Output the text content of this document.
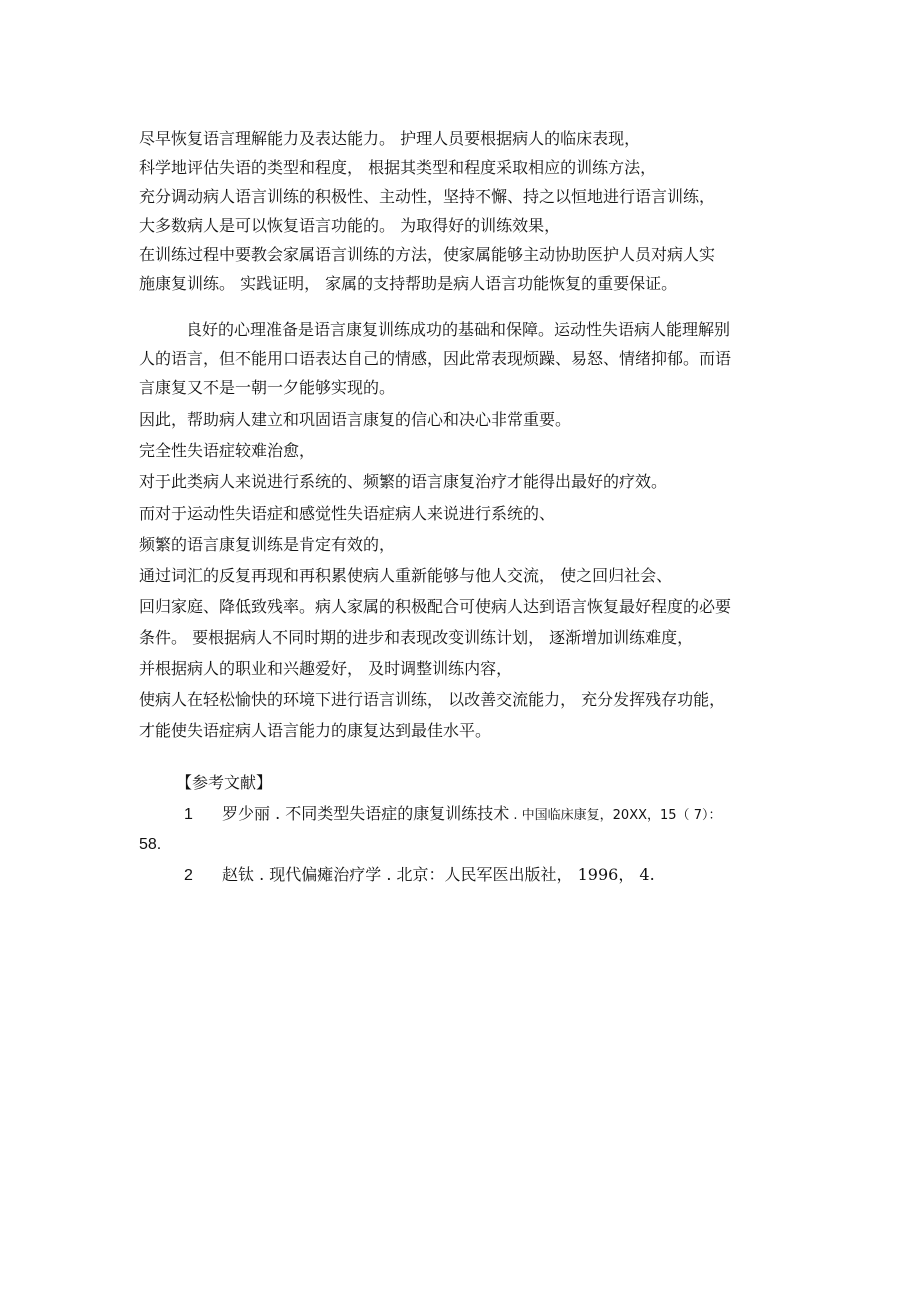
尽早恢复语言理解能力及表达能力。 护理人员要根据病人的临床表现，
科学地评估失语的类型和程度， 根据其类型和程度采取相应的训练方法，
充分调动病人语言训练的积极性、主动性，坚持不懈、持之以恒地进行语言训练，
大多数病人是可以恢复语言功能的。 为取得好的训练效果，
在训练过程中要教会家属语言训练的方法，使家属能够主动协助医护人员对病人实
施康复训练。 实践证明， 家属的支持帮助是病人语言功能恢复的重要保证。
良好的心理准备是语言康复训练成功的基础和保障。运动性失语病人能理解别
人的语言，但不能用口语表达自己的情感，因此常表现烦躁、易怒、情绪抑郁。而语
言康复又不是一朝一夕能够实现的。
因此，帮助病人建立和巩固语言康复的信心和决心非常重要。
完全性失语症较难治愈，
对于此类病人来说进行系统的、频繁的语言康复治疗才能得出最好的疗效。
而对于运动性失语症和感觉性失语症病人来说进行系统的、
频繁的语言康复训练是肯定有效的，
通过词汇的反复再现和再积累使病人重新能够与他人交流， 使之回归社会、
回归家庭、降低致残率。病人家属的积极配合可使病人达到语言恢复最好程度的必要
条件。 要根据病人不同时期的进步和表现改变训练计划， 逐渐增加训练难度，
并根据病人的职业和兴趣爱好， 及时调整训练内容，
使病人在轻松愉快的环境下进行语言训练， 以改善交流能力， 充分发挥残存功能，
才能使失语症病人语言能力的康复达到最佳水平。
【参考文献】
1 罗少丽 . 不同类型失语症的康复训练技术 . 中国临床康复，20XX，15（ 7）：
58.
2 赵钛 . 现代偏瘫治疗学 . 北京：人民军医出版社， 1996， 4.
